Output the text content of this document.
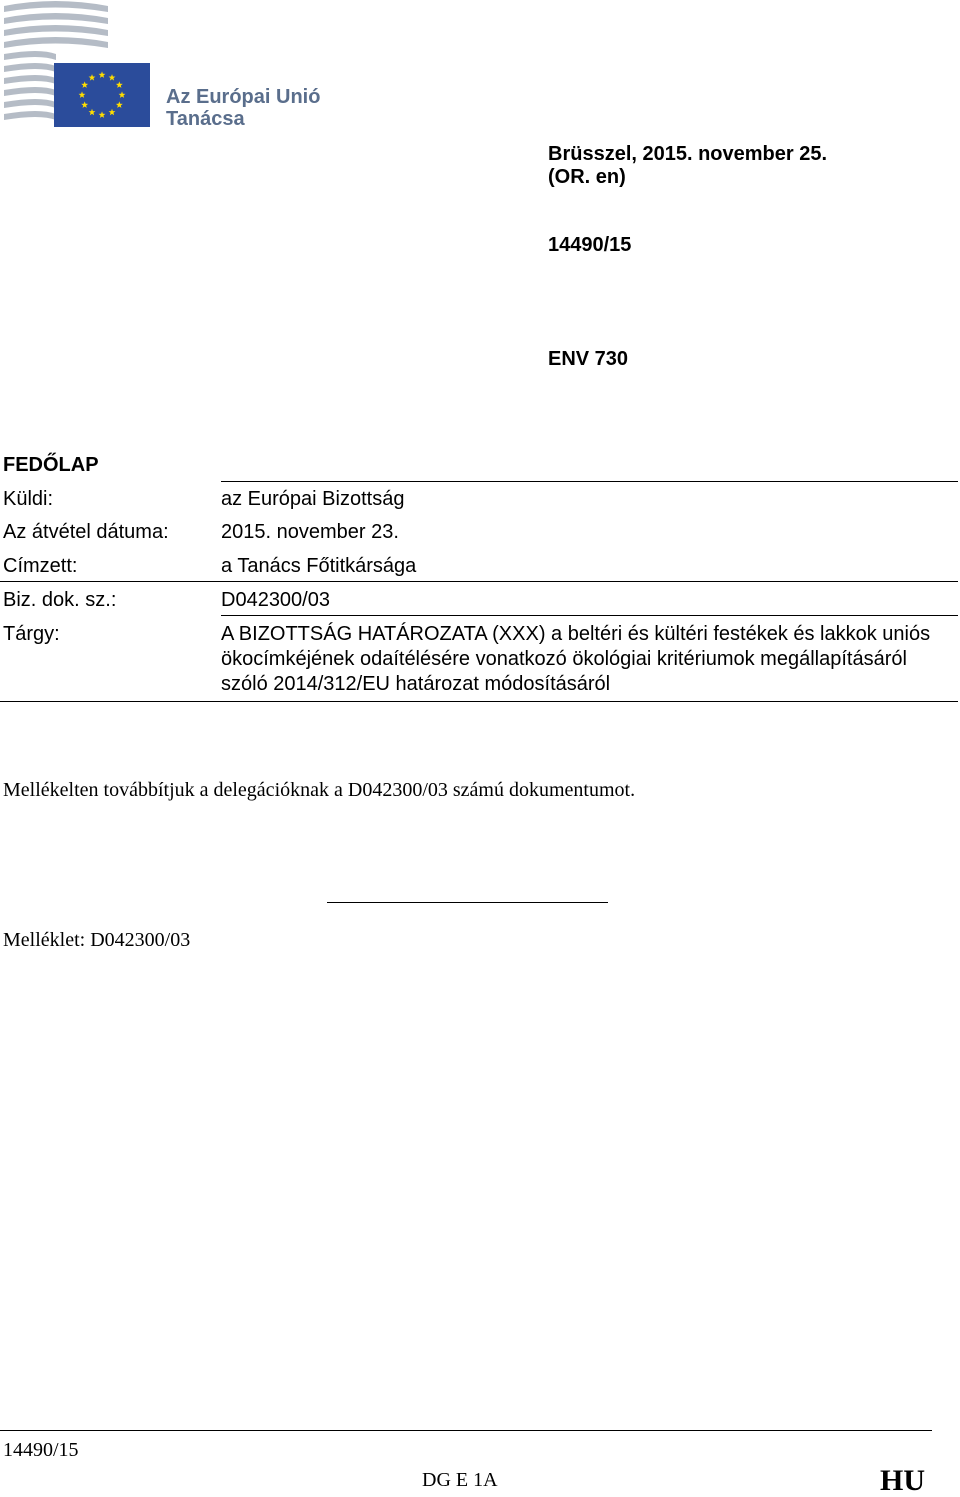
Az Európai Unió
Tanácsa
Brüsszel, 2015. november 25.
(OR. en)
14490/15
ENV 730
FEDŐLAP
Küldi:	az Európai Bizottság
Az átvétel dátuma:	2015. november 23.
Címzett:	a Tanács Főtitkársága
Biz. dok. sz.:	D042300/03
Tárgy:	A BIZOTTSÁG HATÁROZATA (XXX) a beltéri és kültéri festékek és lakkok uniós ökocímkéjének odaítélésére vonatkozó ökológiai kritériumok megállapításáról szóló 2014/312/EU határozat módosításáról
Mellékelten továbbítjuk a delegációknak a D042300/03 számú dokumentumot.
Melléklet: D042300/03
14490/15
DG E 1A	HU
